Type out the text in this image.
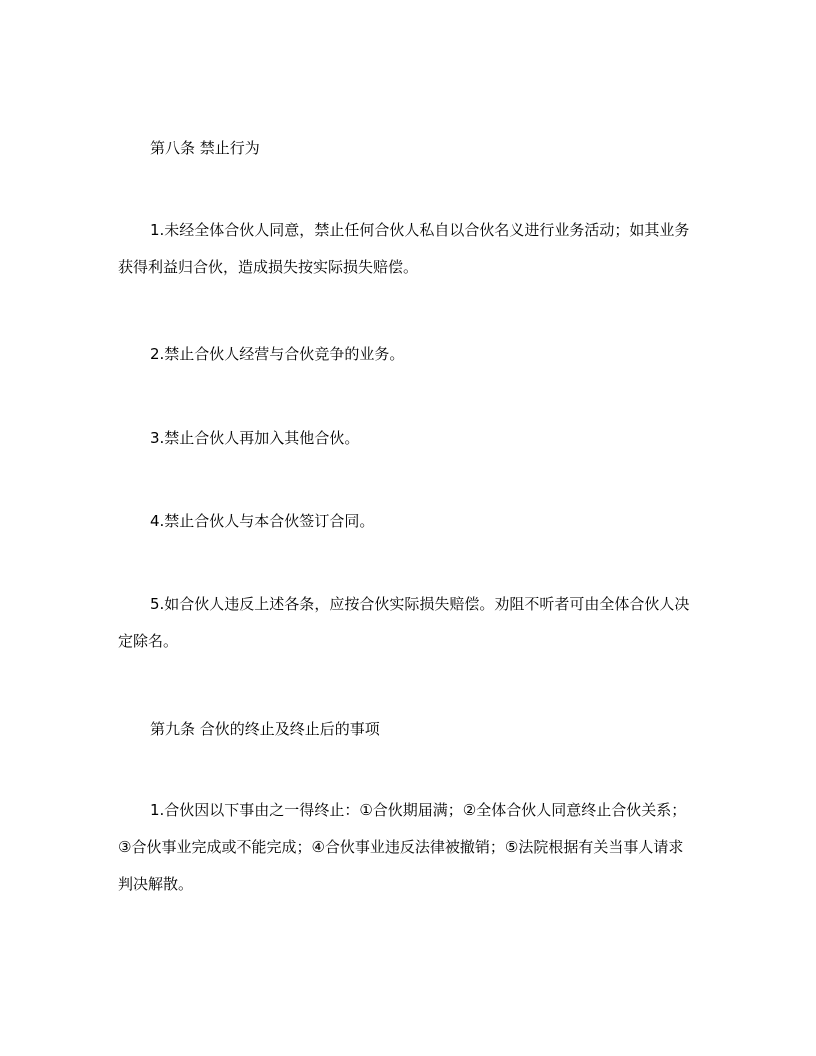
第八条 禁止行为

1.未经全体合伙人同意，禁止任何合伙人私自以合伙名义进行业务活动；如其业务获得利益归合伙，造成损失按实际损失赔偿。

2.禁止合伙人经营与合伙竞争的业务。

3.禁止合伙人再加入其他合伙。

4.禁止合伙人与本合伙签订合同。

5.如合伙人违反上述各条，应按合伙实际损失赔偿。劝阻不听者可由全体合伙人决定除名。

第九条 合伙的终止及终止后的事项

1.合伙因以下事由之一得终止：①合伙期届满；②全体合伙人同意终止合伙关系；③合伙事业完成或不能完成；④合伙事业违反法律被撤销；⑤法院根据有关当事人请求判决解散。
